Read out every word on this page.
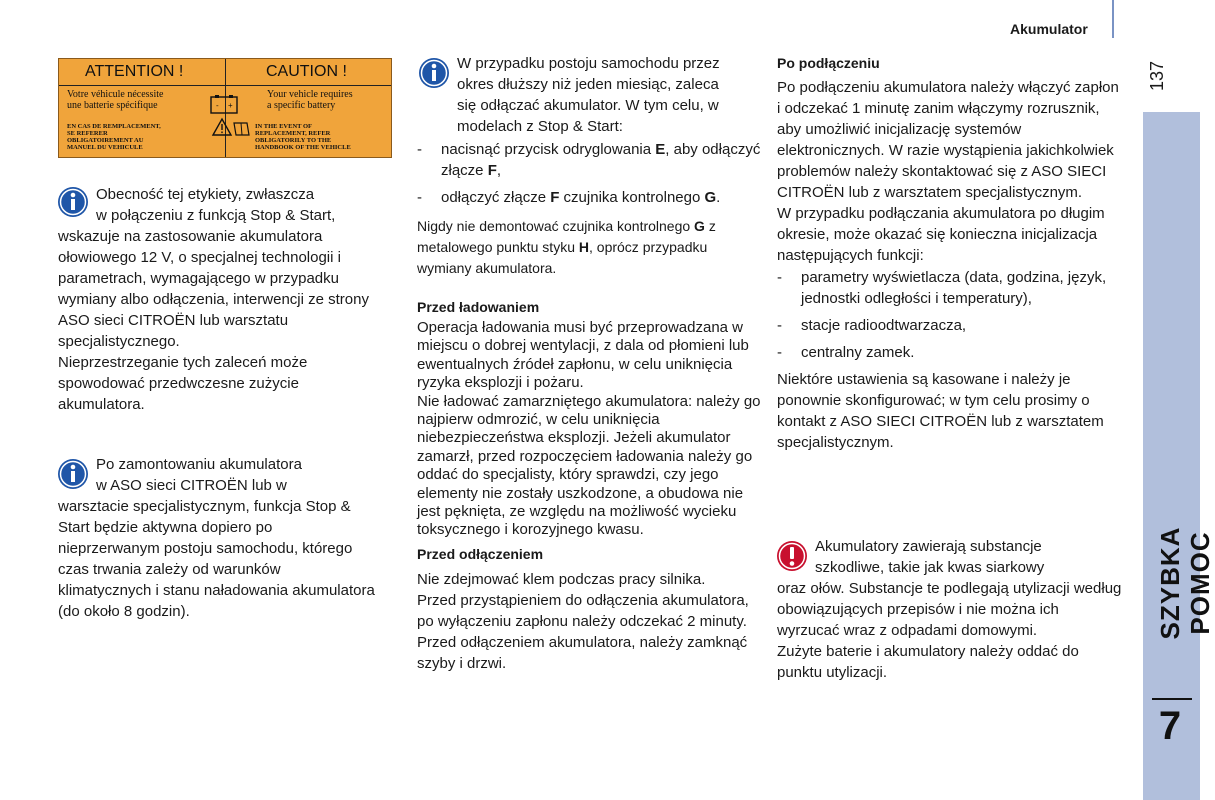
Akumulator
137
SZYBKA POMOC
7
ATTENTION !	CAUTION !
Votre véhicule nécessite
une batterie spécifique
Your vehicle requires
a specific battery
EN CAS DE REMPLACEMENT,
SE REFERER
OBLIGATOIREMENT AU
MANUEL DU VEHICULE
IN THE EVENT OF
REPLACEMENT, REFER
OBLIGATORILY TO THE
HANDBOOK OF THE VEHICLE
- +
Obecność tej etykiety, zwłaszcza
w połączeniu z funkcją Stop & Start,
wskazuje na zastosowanie akumulatora ołowiowego 12 V, o specjalnej technologii i parametrach, wymagającego w przypadku wymiany albo odłączenia, interwencji ze strony ASO sieci CITROËN lub warsztatu specjalistycznego.
Nieprzestrzeganie tych zaleceń może spowodować przedwczesne zużycie akumulatora.
Po zamontowaniu akumulatora
w ASO sieci CITROËN lub w
warsztacie specjalistycznym, funkcja Stop & Start będzie aktywna dopiero po nieprzerwanym postoju samochodu, którego czas trwania zależy od warunków klimatycznych i stanu naładowania akumulatora (do około 8 godzin).
W przypadku postoju samochodu przez
okres dłuższy niż jeden miesiąc, zaleca
się odłączać akumulator. W tym celu, w
modelach z Stop & Start:
- nacisnąć przycisk odryglowania E, aby odłączyć złącze F,
- odłączyć złącze F czujnika kontrolnego G.
Nigdy nie demontować czujnika kontrolnego G z metalowego punktu styku H, oprócz przypadku wymiany akumulatora.
Przed ładowaniem
Operacja ładowania musi być przeprowadzana w miejscu o dobrej wentylacji, z dala od płomieni lub ewentualnych źródeł zapłonu, w celu uniknięcia ryzyka eksplozji i pożaru.
Nie ładować zamarzniętego akumulatora: należy go najpierw odmrozić, w celu uniknięcia niebezpieczeństwa eksplozji. Jeżeli akumulator zamarzł, przed rozpoczęciem ładowania należy go oddać do specjalisty, który sprawdzi, czy jego elementy nie zostały uszkodzone, a obudowa nie jest pęknięta, ze względu na możliwość wycieku toksycznego i korozyjnego kwasu.
Przed odłączeniem
Nie zdejmować klem podczas pracy silnika.
Przed przystąpieniem do odłączenia akumulatora, po wyłączeniu zapłonu należy odczekać 2 minuty.
Przed odłączeniem akumulatora, należy zamknąć szyby i drzwi.
Po podłączeniu
Po podłączeniu akumulatora należy włączyć zapłon i odczekać 1 minutę zanim włączymy rozrusznik, aby umożliwić inicjalizację systemów elektronicznych. W razie wystąpienia jakichkolwiek problemów należy skontaktować się z ASO SIECI CITROËN lub z warsztatem specjalistycznym.
W przypadku podłączania akumulatora po długim okresie, może okazać się konieczna inicjalizacja następujących funkcji:
- parametry wyświetlacza (data, godzina, język, jednostki odległości i temperatury),
- stacje radioodtwarzacza,
- centralny zamek.
Niektóre ustawienia są kasowane i należy je ponownie skonfigurować; w tym celu prosimy o kontakt z ASO SIECI CITROËN lub z warsztatem specjalistycznym.
Akumulatory zawierają substancje
szkodliwe, takie jak kwas siarkowy
oraz ołów. Substancje te podlegają utylizacji według obowiązujących przepisów i nie można ich wyrzucać wraz z odpadami domowymi.
Zużyte baterie i akumulatory należy oddać do punktu utylizacji.
